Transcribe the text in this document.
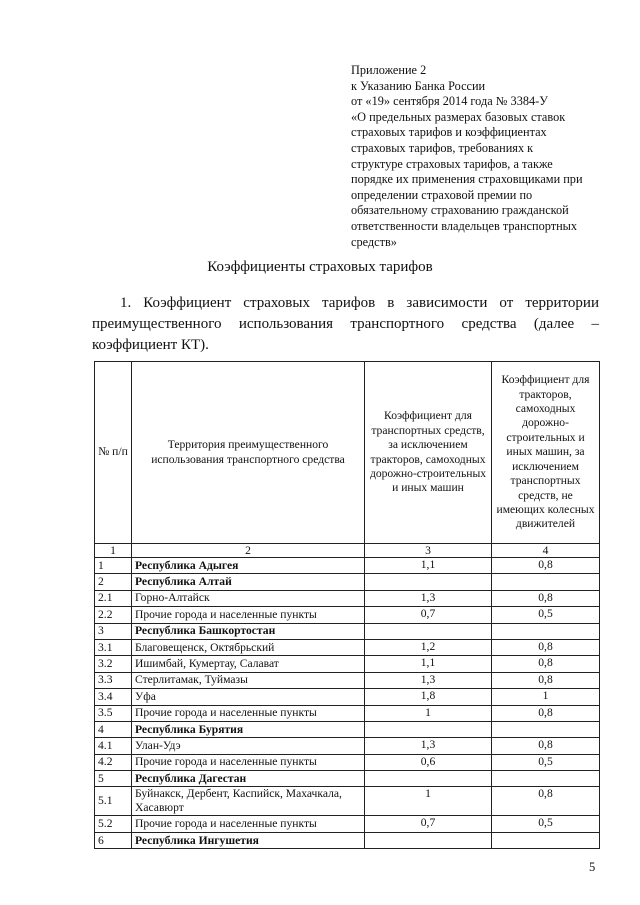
Приложение 2
к Указанию Банка России
от «19» сентября 2014 года № 3384-У
«О предельных размерах базовых ставок
страховых тарифов и коэффициентах
страховых тарифов, требованиях к
структуре страховых тарифов, а также
порядке их применения страховщиками при
определении страховой премии по
обязательному страхованию гражданской
ответственности владельцев транспортных
средств»
Коэффициенты страховых тарифов
1. Коэффициент страховых тарифов в зависимости от территории
преимущественного использования транспортного средства (далее –
коэффициент КТ).
№ п/п	Территория преимущественного использования транспортного средства	Коэффициент для транспортных средств, за исключением тракторов, самоходных дорожно-строительных и иных машин	Коэффициент для тракторов, самоходных дорожно-строительных и иных машин, за исключением транспортных средств, не имеющих колесных движителей
1	2	3	4
1	Республика Адыгея	1,1	0,8
2	Республика Алтай		
2.1	Горно-Алтайск	1,3	0,8
2.2	Прочие города и населенные пункты	0,7	0,5
3	Республика Башкортостан		
3.1	Благовещенск, Октябрьский	1,2	0,8
3.2	Ишимбай, Кумертау, Салават	1,1	0,8
3.3	Стерлитамак, Туймазы	1,3	0,8
3.4	Уфа	1,8	1
3.5	Прочие города и населенные пункты	1	0,8
4	Республика Бурятия		
4.1	Улан-Удэ	1,3	0,8
4.2	Прочие города и населенные пункты	0,6	0,5
5	Республика Дагестан		
5.1	Буйнакск, Дербент, Каспийск, Махачкала, Хасавюрт	1	0,8
5.2	Прочие города и населенные пункты	0,7	0,5
6	Республика Ингушетия		
5
